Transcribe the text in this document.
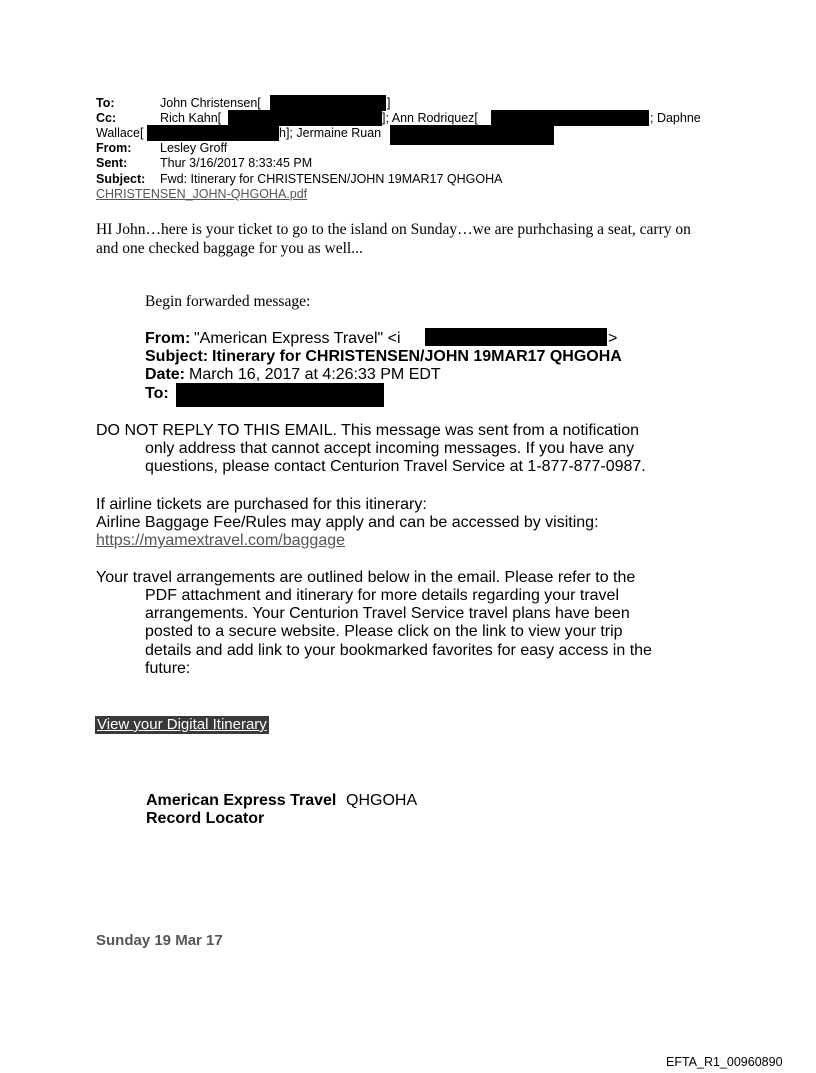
To:	John Christensen[	]
Cc:	Rich Kahn[	]; Ann Rodriquez[	; Daphne
Wallace[	h]; Jermaine Ruan
From: Lesley Groff
Sent:	Thur 3/16/2017 8:33:45 PM
Subject: Fwd: Itinerary for CHRISTENSEN/JOHN 19MAR17 QHGOHA
CHRISTENSEN_JOHN-QHGOHA.pdf
HI John…here is your ticket to go to the island on Sunday…we are purhchasing a seat, carry on
and one checked baggage for you as well...
Begin forwarded message:
From: "American Express Travel" <i	>
Subject: Itinerary for CHRISTENSEN/JOHN 19MAR17 QHGOHA
Date: March 16, 2017 at 4:26:33 PM EDT
To:
DO NOT REPLY TO THIS EMAIL. This message was sent from a notification
only address that cannot accept incoming messages. If you have any
questions, please contact Centurion Travel Service at 1-877-877-0987.
If airline tickets are purchased for this itinerary:
Airline Baggage Fee/Rules may apply and can be accessed by visiting:
https://myamextravel.com/baggage
Your travel arrangements are outlined below in the email. Please refer to the
PDF attachment and itinerary for more details regarding your travel
arrangements. Your Centurion Travel Service travel plans have been
posted to a secure website. Please click on the link to view your trip
details and add link to your bookmarked favorites for easy access in the
future:
View your Digital Itinerary
American Express Travel QHGOHA
Record Locator
Sunday 19 Mar 17
EFTA_R1_00960890
